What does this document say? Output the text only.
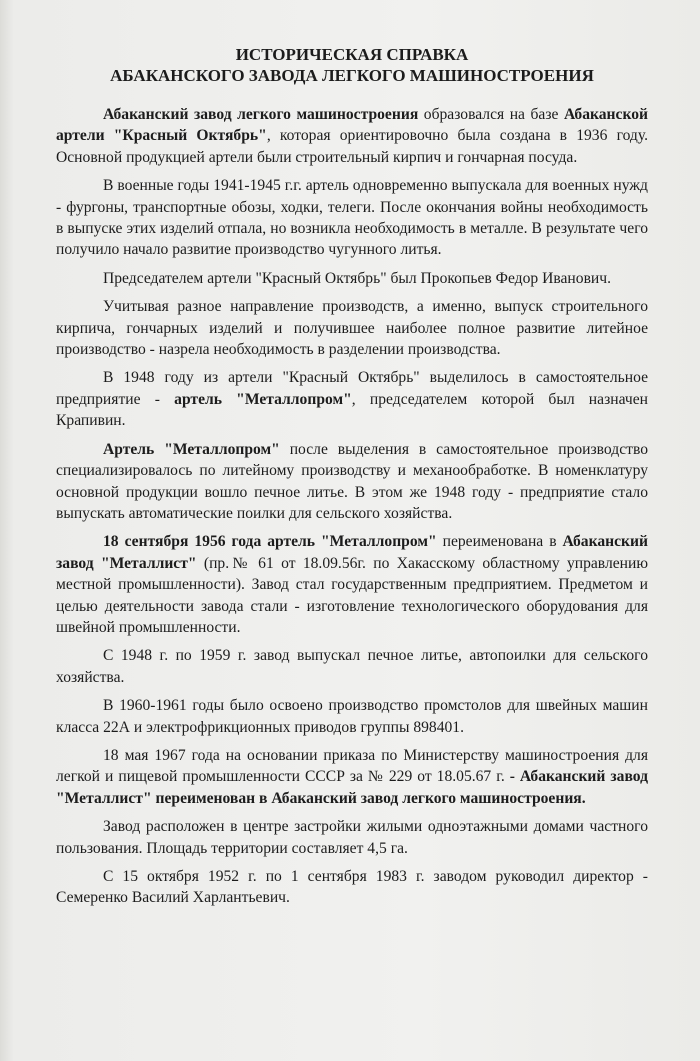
ИСТОРИЧЕСКАЯ СПРАВКА
АБАКАНСКОГО ЗАВОДА ЛЕГКОГО МАШИНОСТРОЕНИЯ

Абаканский завод легкого машиностроения образовался на базе Абаканской артели "Красный Октябрь", которая ориентировочно была создана в 1936 году. Основной продукцией артели были строительный кирпич и гончарная посуда.

В военные годы 1941-1945 г.г. артель одновременно выпускала для военных нужд - фургоны, транспортные обозы, ходки, телеги. После окончания войны необходимость в выпуске этих изделий отпала, но возникла необходимость в металле. В результате чего получило начало развитие производство чугунного литья.

Председателем артели "Красный Октябрь" был Прокопьев Федор Иванович.

Учитывая разное направление производств, а именно, выпуск строительного кирпича, гончарных изделий и получившее наиболее полное развитие литейное производство - назрела необходимость в разделении производства.

В 1948 году из артели "Красный Октябрь" выделилось в самостоятельное предприятие - артель "Металлопром", председателем которой был назначен Крапивин.

Артель "Металлопром" после выделения в самостоятельное производство специализировалось по литейному производству и механообработке. В номенклатуру основной продукции вошло печное литье. В этом же 1948 году - предприятие стало выпускать автоматические поилки для сельского хозяйства.

18 сентября 1956 года артель "Металлопром" переименована в Абаканский завод "Металлист" (пр.№ 61 от 18.09.56г. по Хакасскому областному управлению местной промышленности). Завод стал государственным предприятием. Предметом и целью деятельности завода стали - изготовление технологического оборудования для швейной промышленности.

С 1948 г. по 1959 г. завод выпускал печное литье, автопоилки для сельского хозяйства.

В 1960-1961 годы было освоено производство промстолов для швейных машин класса 22А и электрофрикционных приводов группы 898401.

18 мая 1967 года на основании приказа по Министерству машиностроения для легкой и пищевой промышленности СССР за № 229 от 18.05.67 г. - Абаканский завод "Металлист" переименован в Абаканский завод легкого машиностроения.

Завод расположен в центре застройки жилыми одноэтажными домами частного пользования. Площадь территории составляет 4,5 га.

С 15 октября 1952 г. по 1 сентября 1983 г. заводом руководил директор - Семеренко Василий Харлантьевич.
